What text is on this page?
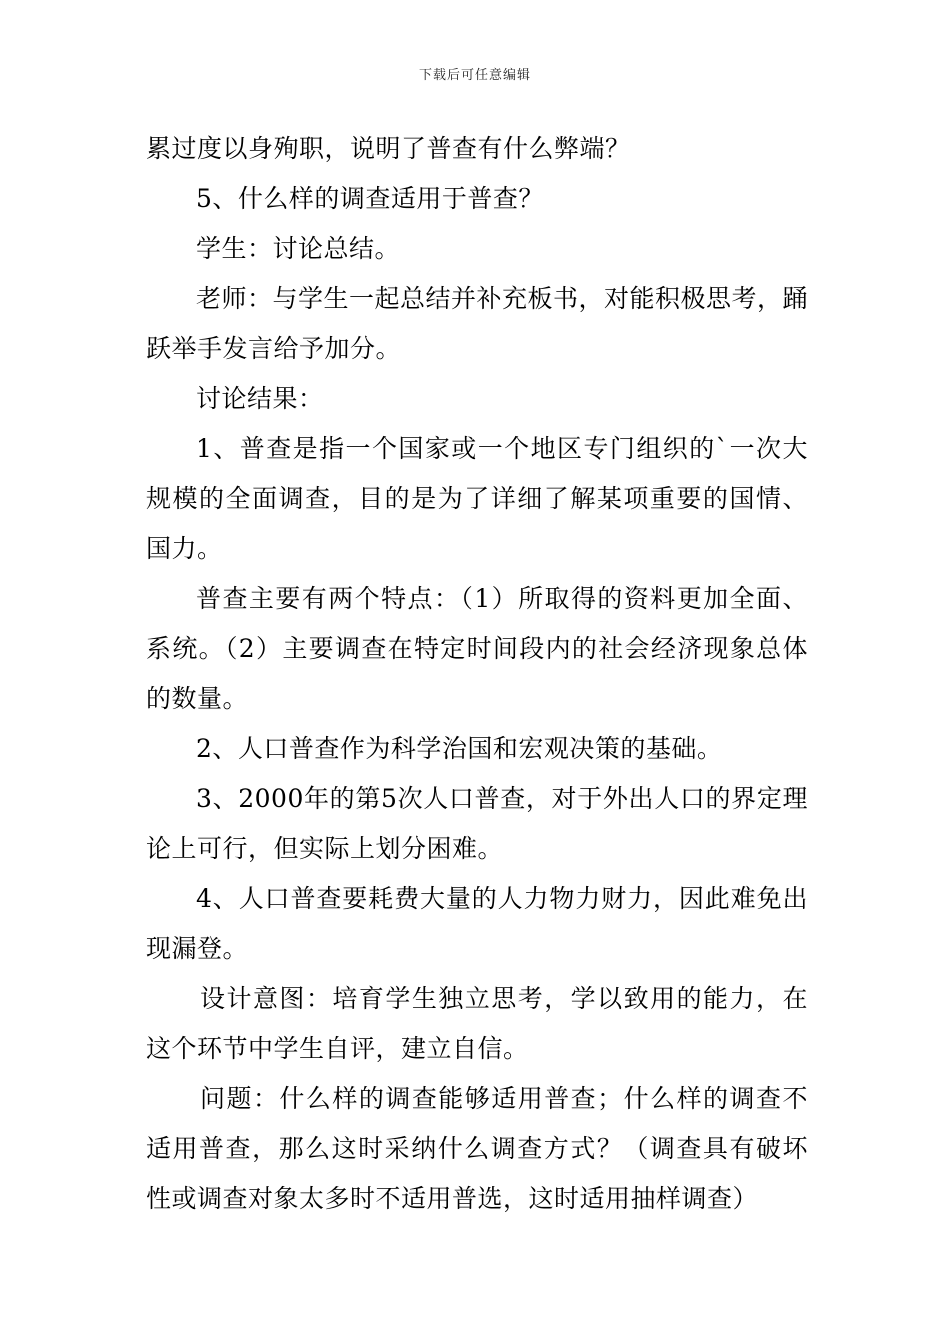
下载后可任意编辑

累过度以身殉职，说明了普查有什么弊端？

5、什么样的调查适用于普查？

学生：讨论总结。

老师：与学生一起总结并补充板书，对能积极思考，踊跃举手发言给予加分。

讨论结果：

1、普查是指一个国家或一个地区专门组织的`一次大规模的全面调查，目的是为了详细了解某项重要的国情、国力。

普查主要有两个特点：（1）所取得的资料更加全面、系统。（2）主要调查在特定时间段内的社会经济现象总体的数量。

2、人口普查作为科学治国和宏观决策的基础。

3、2000年的第5次人口普查，对于外出人口的界定理论上可行，但实际上划分困难。

4、人口普查要耗费大量的人力物力财力，因此难免出现漏登。

设计意图：培育学生独立思考，学以致用的能力，在这个环节中学生自评，建立自信。

问题：什么样的调查能够适用普查；什么样的调查不适用普查，那么这时采纳什么调查方式？（调查具有破坏性或调查对象太多时不适用普选，这时适用抽样调查）
